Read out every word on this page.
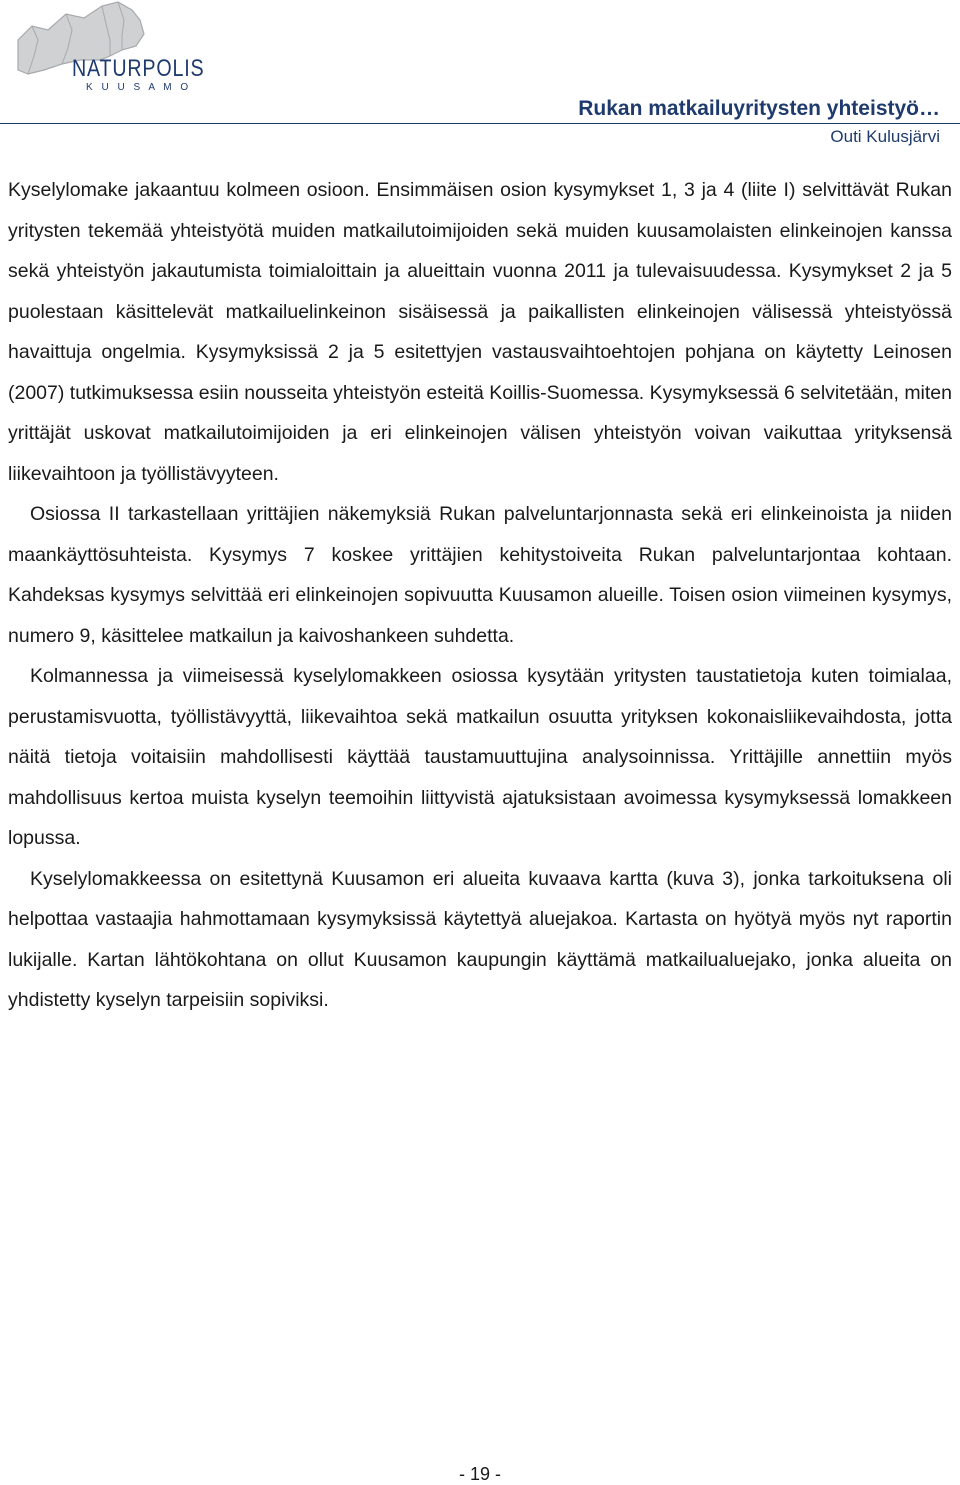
NATURPOLIS
K U U S A M O
Rukan matkailuyritysten yhteistyö…
Outi Kulusjärvi

Kyselylomake jakaantuu kolmeen osioon. Ensimmäisen osion kysymykset 1, 3 ja 4 (liite I) selvittävät Rukan yritysten tekemää yhteistyötä muiden matkailutoimijoiden sekä muiden kuusamolaisten elinkeinojen kanssa sekä yhteistyön jakautumista toimialoittain ja alueittain vuonna 2011 ja tulevaisuudessa. Kysymykset 2 ja 5 puolestaan käsittelevät matkailuelinkeinon sisäisessä ja paikallisten elinkeinojen välisessä yhteistyössä havaittuja ongelmia. Kysymyksissä 2 ja 5 esitettyjen vastausvaihtoehtojen pohjana on käytetty Leinosen (2007) tutkimuksessa esiin nousseita yhteistyön esteitä Koillis-Suomessa. Kysymyksessä 6 selvitetään, miten yrittäjät uskovat matkailutoimijoiden ja eri elinkeinojen välisen yhteistyön voivan vaikuttaa yrityksensä liikevaihtoon ja työllistävyyteen.

Osiossa II tarkastellaan yrittäjien näkemyksiä Rukan palveluntarjonnasta sekä eri elinkeinoista ja niiden maankäyttösuhteista. Kysymys 7 koskee yrittäjien kehitystoiveita Rukan palveluntarjontaa kohtaan. Kahdeksas kysymys selvittää eri elinkeinojen sopivuutta Kuusamon alueille. Toisen osion viimeinen kysymys, numero 9, käsittelee matkailun ja kaivoshankeen suhdetta.

Kolmannessa ja viimeisessä kyselylomakkeen osiossa kysytään yritysten taustatietoja kuten toimialaa, perustamisvuotta, työllistävyyttä, liikevaihtoa sekä matkailun osuutta yrityksen kokonaisliikevaihdosta, jotta näitä tietoja voitaisiin mahdollisesti käyttää taustamuuttujina analysoinnissa. Yrittäjille annettiin myös mahdollisuus kertoa muista kyselyn teemoihin liittyvistä ajatuksistaan avoimessa kysymyksessä lomakkeen lopussa.

Kyselylomakkeessa on esitettynä Kuusamon eri alueita kuvaava kartta (kuva 3), jonka tarkoituksena oli helpottaa vastaajia hahmottamaan kysymyksissä käytettyä aluejakoa. Kartasta on hyötyä myös nyt raportin lukijalle. Kartan lähtökohtana on ollut Kuusamon kaupungin käyttämä matkailualuejako, jonka alueita on yhdistetty kyselyn tarpeisiin sopiviksi.

- 19 -
